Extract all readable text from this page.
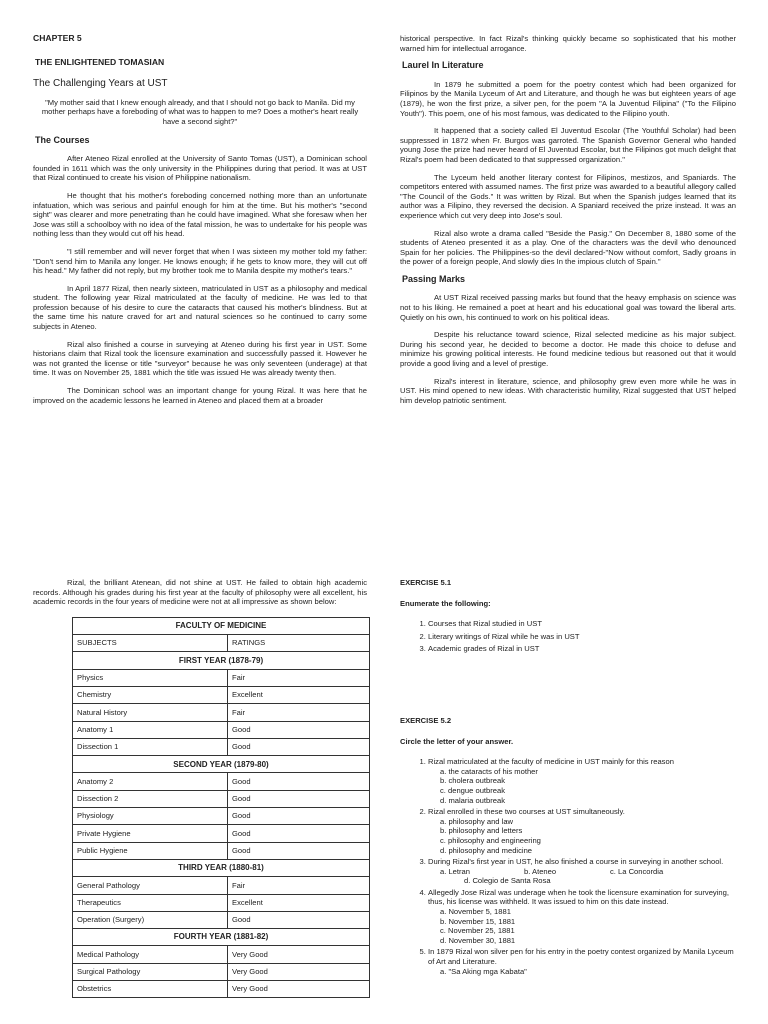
CHAPTER 5
THE ENLIGHTENED TOMASIAN
The Challenging Years at UST
"My mother said that I knew enough already, and that I should not go back to Manila. Did my mother perhaps have a foreboding of what was to happen to me? Does a mother's heart really have a second sight?"
The Courses

After Ateneo Rizal enrolled at the University of Santo Tomas (UST), a Dominican school founded in 1611 which was the only university in the Philippines during that period. It was at UST that Rizal continued to create his vision of Philippine nationalism.

He thought that his mother's foreboding concerned nothing more than an unfortunate infatuation, which was serious and painful enough for him at the time. But his mother's "second sight" was clearer and more penetrating than he could have imagined. What she foresaw when her Jose was still a schoolboy with no idea of the fatal mission, he was to undertake for his people was nothing less than they would cut off his head.

"I still remember and will never forget that when I was sixteen my mother told my father: "Don't send him to Manila any longer. He knows enough; if he gets to know more, they will cut off his head." My father did not reply, but my brother took me to Manila despite my mother's tears."

In April 1877 Rizal, then nearly sixteen, matriculated in UST as a philosophy and medical student. The following year Rizal matriculated at the faculty of medicine. He was led to that profession because of his desire to cure the cataracts that caused his mother's blindness. But at the same time his nature craved for art and natural sciences so he continued to carry some subjects in Ateneo.

Rizal also finished a course in surveying at Ateneo during his first year in UST. Some historians claim that Rizal took the licensure examination and successfully passed it. However he was not granted the license or title "surveyor" because he was only seventeen (underage) at that time. It was on November 25, 1881 which the title was issued He was already twenty then.

The Dominican school was an important change for young Rizal. It was here that he improved on the academic lessons he learned in Ateneo and placed them at a broader

historical perspective. In fact Rizal's thinking quickly became so sophisticated that his mother warned him for intellectual arrogance.

Laurel In Literature

In 1879 he submitted a poem for the poetry contest which had been organized for Filipinos by the Manila Lyceum of Art and Literature, and though he was but eighteen years of age (1879), he won the first prize, a silver pen, for the poem "A la Juventud Filipina" ("To the Filipino Youth"). This poem, one of his most famous, was dedicated to the Filipino youth.

It happened that a society called El Juventud Escolar (The Youthful Scholar) had been suppressed in 1872 when Fr. Burgos was garroted. The Spanish Governor General who handed young Jose the prize had never heard of El Juventud Escolar, but the Filipinos got much delight that Rizal's poem had been dedicated to that suppressed organization."

The Lyceum held another literary contest for Filipinos, mestizos, and Spaniards. The competitors entered with assumed names. The first prize was awarded to a beautiful allegory called "The Council of the Gods." It was written by Rizal. But when the Spanish judges learned that its author was a Filipino, they reversed the decision. A Spaniard received the prize instead. It was an experience which cut very deep into Jose's soul.

Rizal also wrote a drama called "Beside the Pasig." On December 8, 1880 some of the students of Ateneo presented it as a play. One of the characters was the devil who denounced Spain for her policies. The Philippines-so the devil declared-"Now without comfort, Sadly groans in the power of a foreign people, And slowly dies In the impious clutch of Spain."

Passing Marks

At UST Rizal received passing marks but found that the heavy emphasis on science was not to his liking. He remained a poet at heart and his educational goal was toward the liberal arts. Quietly on his own, his continued to work on his political ideas.

Despite his reluctance toward science, Rizal selected medicine as his major subject. During his second year, he decided to become a doctor. He made this choice to defuse and minimize his growing political interests. He found medicine tedious but reasoned out that it would provide a good living and a level of prestige.

Rizal's interest in literature, science, and philosophy grew even more while he was in UST. His mind opened to new ideas. With characteristic humility, Rizal suggested that UST helped him develop patriotic sentiment.

Rizal, the brilliant Atenean, did not shine at UST. He failed to obtain high academic records. Although his grades during his first year at the faculty of philosophy were all excellent, his academic records in the four years of medicine were not at all impressive as shown below:

FACULTY OF MEDICINE	
SUBJECTS	RATINGS
FIRST YEAR (1878-79)	
Physics	Fair
Chemistry	Excellent
Natural History	Fair
Anatomy 1	Good
Dissection 1	Good
SECOND YEAR (1879-80)	
Anatomy 2	Good
Dissection 2	Good
Physiology	Good
Private Hygiene	Good
Public Hygiene	Good
THIRD YEAR (1880-81)	
General Pathology	Fair
Therapeutics	Excellent
Operation (Surgery)	Good
FOURTH YEAR (1881-82)	
Medical Pathology	Very Good
Surgical Pathology	Very Good
Obstetrics	Very Good
EXERCISE 5.1
Enumerate the following:
1. Courses that Rizal studied in UST
2. Literary writings of Rizal while he was in UST
3. Academic grades of Rizal in UST
EXERCISE 5.2
Circle the letter of your answer.
1. Rizal matriculated at the faculty of medicine in UST mainly for this reason
a. the cataracts of his mother
b. cholera outbreak
c. dengue outbreak
d. malaria outbreak
2. Rizal enrolled in these two courses at UST simultaneously.
a. philosophy and law
b. philosophy and letters
c. philosophy and engineering
d. philosophy and medicine
3. During Rizal's first year in UST, he also finished a course in surveying in another school.
a. Letran	b. Ateneo	c. La Concordia
d. Colegio de Santa Rosa
4. Allegedly Jose Rizal was underage when he took the licensure examination for surveying, thus, his license was withheld. It was issued to him on this date instead.
a. November 5, 1881
b. November 15, 1881
c. November 25, 1881
d. November 30, 1881
5. In 1879 Rizal won silver pen for his entry in the poetry contest organized by Manila Lyceum of Art and Literature.
a. "Sa Aking mga Kabata"
